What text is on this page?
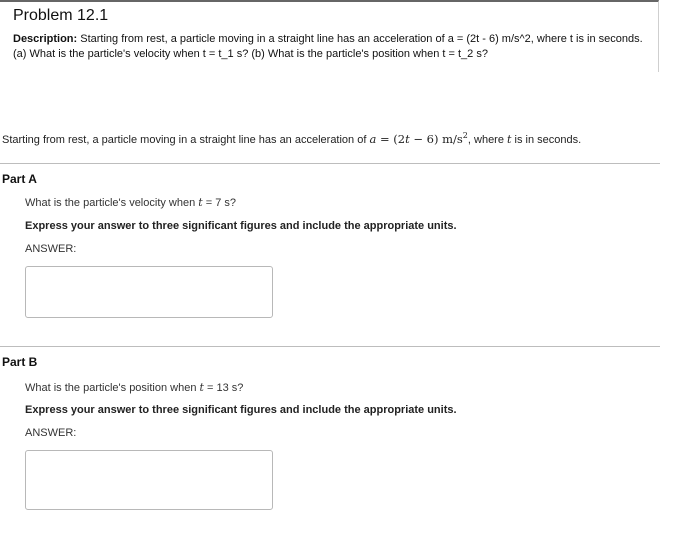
Problem 12.1
Description: Starting from rest, a particle moving in a straight line has an acceleration of a = (2t - 6) m/s^2, where t is in seconds. (a) What is the particle's velocity when t = t_1 s? (b) What is the particle's position when t = t_2 s?
Starting from rest, a particle moving in a straight line has an acceleration of a = (2t − 6) $m/s^2$, where t is in seconds.
Part A
What is the particle's velocity when t = 7 s?
Express your answer to three significant figures and include the appropriate units.
ANSWER:
Part B
What is the particle's position when t = 13 s?
Express your answer to three significant figures and include the appropriate units.
ANSWER:
